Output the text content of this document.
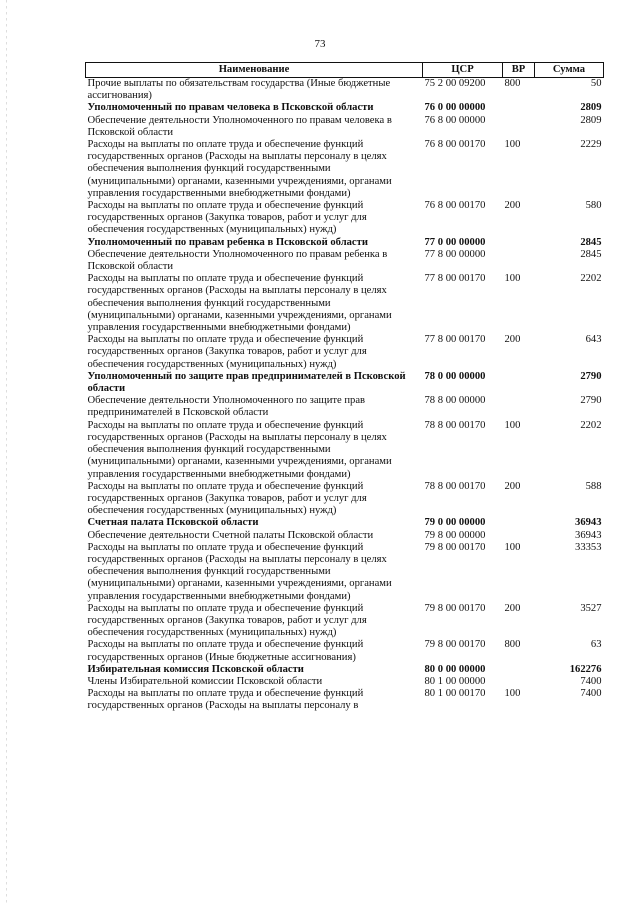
73
Наименование	ЦСР	ВР	Сумма
Прочие выплаты по обязательствам государства (Иные бюджетные ассигнования)	75 2 00 09200	800	50
Уполномоченный по правам человека в Псковской области	76 0 00 00000		2809
Обеспечение деятельности Уполномоченного по правам человека в Псковской области	76 8 00 00000		2809
Расходы на выплаты по оплате труда и обеспечение функций государственных органов (Расходы на выплаты персоналу в целях обеспечения выполнения функций государственными (муниципальными) органами, казенными учреждениями, органами управления государственными внебюджетными фондами)	76 8 00 00170	100	2229
Расходы на выплаты по оплате труда и обеспечение функций государственных органов (Закупка товаров, работ и услуг для обеспечения государственных (муниципальных) нужд)	76 8 00 00170	200	580
Уполномоченный по правам ребенка в Псковской области	77 0 00 00000		2845
Обеспечение деятельности Уполномоченного по правам ребенка в Псковской области	77 8 00 00000		2845
Расходы на выплаты по оплате труда и обеспечение функций государственных органов (Расходы на выплаты персоналу в целях обеспечения выполнения функций государственными (муниципальными) органами, казенными учреждениями, органами управления государственными внебюджетными фондами)	77 8 00 00170	100	2202
Расходы на выплаты по оплате труда и обеспечение функций государственных органов (Закупка товаров, работ и услуг для обеспечения государственных (муниципальных) нужд)	77 8 00 00170	200	643
Уполномоченный по защите прав предпринимателей в Псковской области	78 0 00 00000		2790
Обеспечение деятельности Уполномоченного по защите прав предпринимателей в Псковской области	78 8 00 00000		2790
Расходы на выплаты по оплате труда и обеспечение функций государственных органов (Расходы на выплаты персоналу в целях обеспечения выполнения функций государственными (муниципальными) органами, казенными учреждениями, органами управления государственными внебюджетными фондами)	78 8 00 00170	100	2202
Расходы на выплаты по оплате труда и обеспечение функций государственных органов (Закупка товаров, работ и услуг для обеспечения государственных (муниципальных) нужд)	78 8 00 00170	200	588
Счетная палата Псковской области	79 0 00 00000		36943
Обеспечение деятельности Счетной палаты Псковской области	79 8 00 00000		36943
Расходы на выплаты по оплате труда и обеспечение функций государственных органов (Расходы на выплаты персоналу в целях обеспечения выполнения функций государственными (муниципальными) органами, казенными учреждениями, органами управления государственными внебюджетными фондами)	79 8 00 00170	100	33353
Расходы на выплаты по оплате труда и обеспечение функций государственных органов (Закупка товаров, работ и услуг для обеспечения государственных (муниципальных) нужд)	79 8 00 00170	200	3527
Расходы на выплаты по оплате труда и обеспечение функций государственных органов (Иные бюджетные ассигнования)	79 8 00 00170	800	63
Избирательная комиссия Псковской области	80 0 00 00000		162276
Члены Избирательной комиссии Псковской области	80 1 00 00000		7400
Расходы на выплаты по оплате труда и обеспечение функций государственных органов (Расходы на выплаты персоналу в	80 1 00 00170	100	7400
